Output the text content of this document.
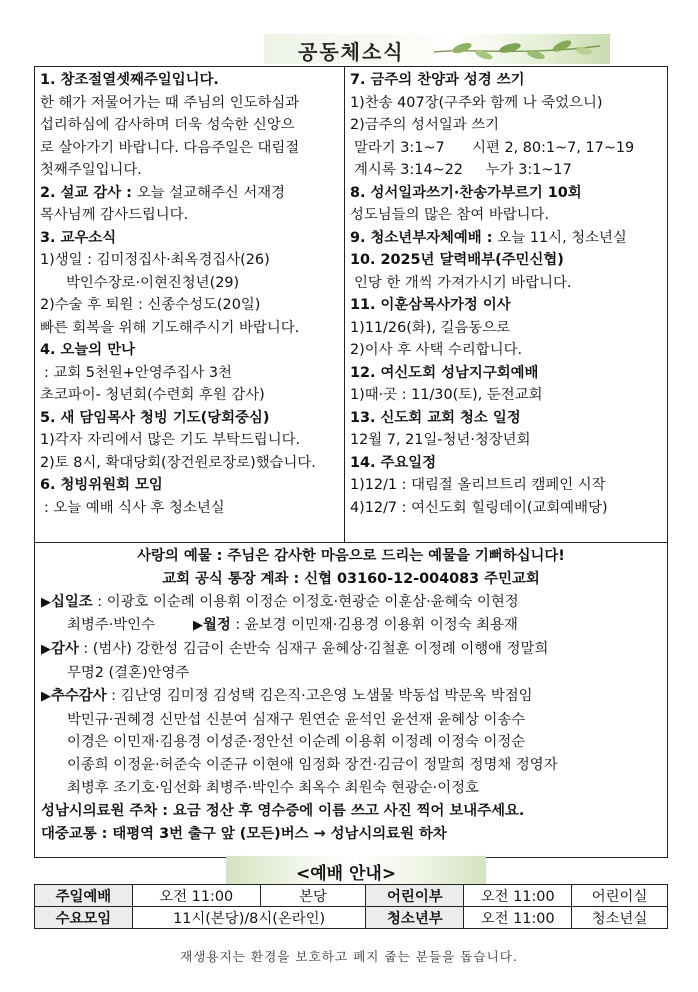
공동체소식
1. 창조절열셋째주일입니다.
한 해가 저물어가는 때 주님의 인도하심과
섭리하심에 감사하며 더욱 성숙한 신앙으
로 살아가기 바랍니다. 다음주일은 대림절
첫째주일입니다.
2. 설교 감사 : 오늘 설교해주신 서재경
목사님께 감사드립니다.
3. 교우소식
1)생일 : 김미정집사·최옥경집사(26)
박인수장로·이현진청년(29)
2)수술 후 퇴원 : 신종수성도(20일)
빠른 회복을 위해 기도해주시기 바랍니다.
4. 오늘의 만나
: 교회 5천원+안영주집사 3천
초코파이- 청년회(수련회 후원 감사)
5. 새 담임목사 청빙 기도(당회중심)
1)각자 자리에서 많은 기도 부탁드립니다.
2)토 8시, 확대당회(장건원로장로)했습니다.
6. 청빙위원회 모임
: 오늘 예배 식사 후 청소년실
7. 금주의 찬양과 성경 쓰기
1)찬송 407장(구주와 함께 나 죽었으니)
2)금주의 성서일과 쓰기
말라기 3:1~7      시편 2, 80:1~7, 17~19
계시록 3:14~22     누가 3:1~17
8. 성서일과쓰기·찬송가부르기 10회
성도님들의 많은 참여 바랍니다.
9. 청소년부자체예배 : 오늘 11시, 청소년실
10. 2025년 달력배부(주민신협)
인당 한 개씩 가져가시기 바랍니다.
11. 이훈삼목사가정 이사
1)11/26(화), 길음동으로
2)이사 후 사택 수리합니다.
12. 여신도회 성남지구회예배
1)때·곳 : 11/30(토), 둔전교회
13. 신도회 교회 청소 일정
12월 7, 21일-청년·청장년회
14. 주요일정
1)12/1 : 대림절 올리브트리 캠페인 시작
4)12/7 : 여신도회 힐링데이(교회예배당)
사랑의 예물 : 주님은 감사한 마음으로 드리는 예물을 기뻐하십니다!
교회 공식 통장 계좌 : 신협 03160-12-004083 주민교회
▶십일조 : 이광호 이순례 이용휘 이정순 이정호·현광순 이훈삼·윤혜숙 이현정
최병주·박인수	▶월정 : 윤보경 이민재·김용경 이용휘 이정숙 최용재
▶감사 : (범사) 강한성 김금이 손반숙 심재구 윤혜상·김철훈 이정례 이행애 정말희
무명2 (결혼)안영주
▶추수감사 : 김난영 김미정 김성택 김은직·고은영 노샘물 박동섭 박문옥 박점임
박민규·권혜경 신만섭 신분여 심재구 원연순 윤석인 윤선재 윤혜상 이송수
이경은 이민재·김용경 이성준·정안선 이순례 이용휘 이정례 이정숙 이정순
이종희 이정윤·허준숙 이준규 이현애 임정화 장건·김금이 정말희 정명채 정영자
최병후 조기호·임선화 최병주·박인수 최옥수 최원숙 현광순·이정호
성남시의료원 주차 : 요금 정산 후 영수증에 이름 쓰고 사진 찍어 보내주세요.
대중교통 : 태평역 3번 출구 앞 (모든)버스 → 성남시의료원 하차
<예배 안내>
주일예배	오전 11:00	본당	어린이부	오전 11:00	어린이실
수요모임	11시(본당)/8시(온라인)		청소년부	오전 11:00	청소년실
재생용지는 환경을 보호하고 폐지 줍는 분들을 돕습니다.
